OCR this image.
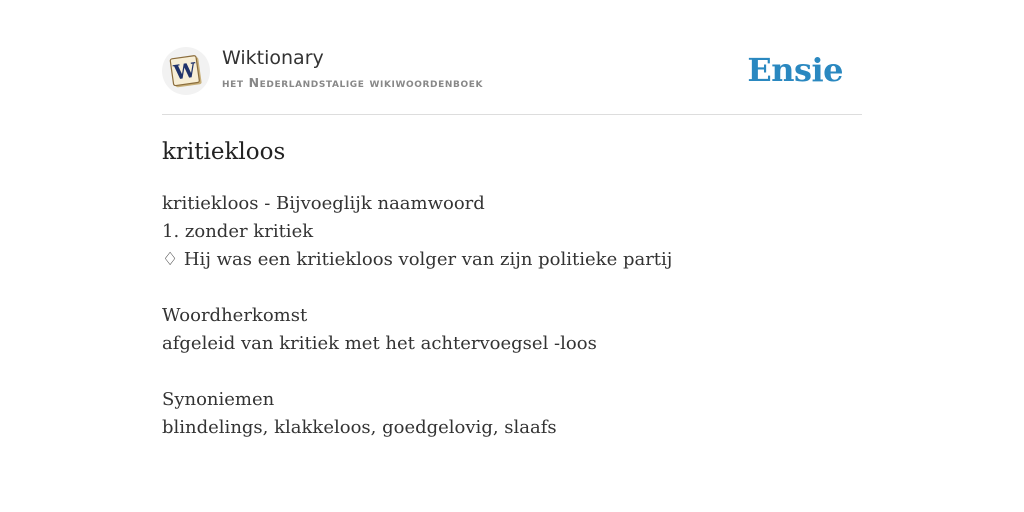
W Wiktionary
het Nederlandstalige wikiwoordenboek	Ensie
kritiekloos
kritiekloos - Bijvoeglijk naamwoord
1. zonder kritiek
♢ Hij was een kritiekloos volger van zijn politieke partij
Woordherkomst
afgeleid van kritiek met het achtervoegsel -loos
Synoniemen
blindelings, klakkeloos, goedgelovig, slaafs
